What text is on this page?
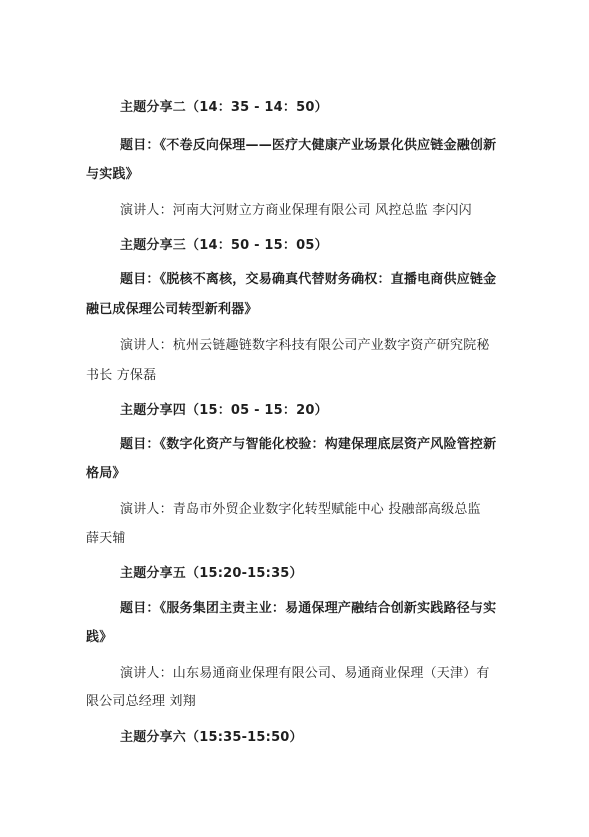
主题分享二（14：35 - 14：50）
题目：《不卷反向保理——医疗大健康产业场景化供应链金融创新
与实践》
演讲人：河南大河财立方商业保理有限公司 风控总监 李闪闪
主题分享三（14：50 - 15：05）
题目：《脱核不离核，交易确真代替财务确权：直播电商供应链金
融已成保理公司转型新利器》
演讲人：杭州云链趣链数字科技有限公司产业数字资产研究院秘
书长 方保磊
主题分享四（15：05 - 15：20）
题目：《数字化资产与智能化校验：构建保理底层资产风险管控新
格局》
演讲人：青岛市外贸企业数字化转型赋能中心 投融部高级总监
薛天辅
主题分享五（15:20-15:35）
题目：《服务集团主责主业：易通保理产融结合创新实践路径与实
践》
演讲人：山东易通商业保理有限公司、易通商业保理（天津）有
限公司总经理 刘翔
主题分享六（15:35-15:50）
